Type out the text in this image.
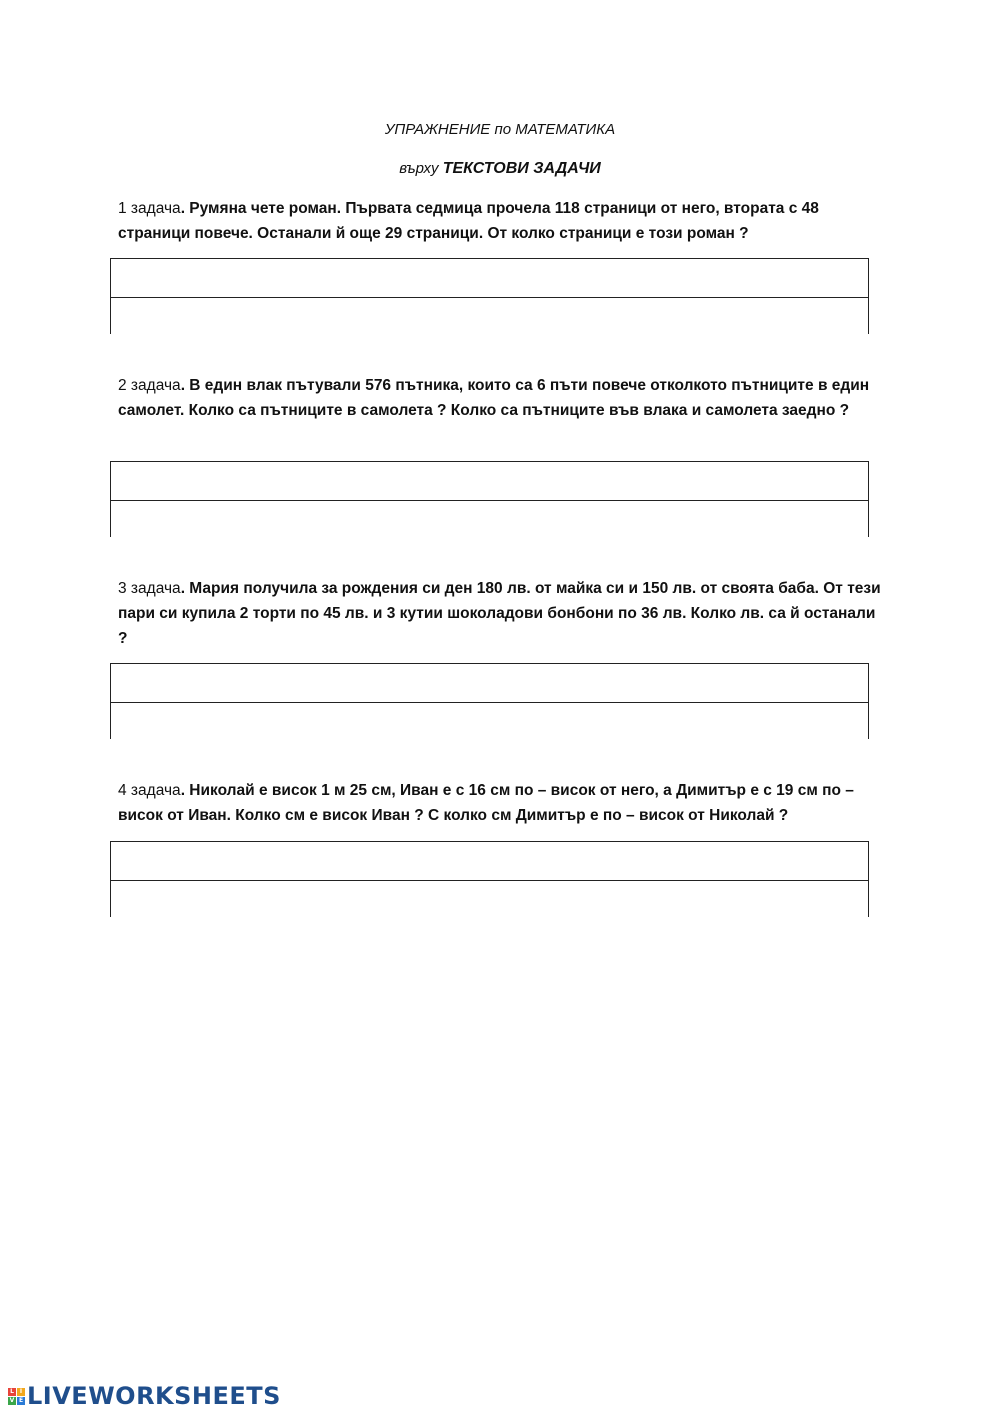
УПРАЖНЕНИЕ по МАТЕМАТИКА
върху ТЕКСТОВИ ЗАДАЧИ
1 задача. Румяна чете роман. Първата седмица прочела 118 страници от него, втората с 48 страници повече. Останали й още 29 страници. От колко страници е този роман ?
2 задача. В един влак пътували 576 пътника, които са 6 пъти повече отколкото пътниците в един самолет. Колко са пътниците в самолета ? Колко са пътниците във влака и самолета заедно ?
3 задача. Мария получила за рождения си ден 180 лв. от майка си и 150 лв. от своята баба. От тези пари си купила 2 торти по 45 лв. и 3 кутии шоколадови бонбони по 36 лв. Колко лв. са й останали ?
4 задача. Николай е висок 1 м 25 см, Иван е с 16 см по – висок от него, а Димитър е с 19 см по – висок от Иван. Колко см е висок Иван ? С колко см Димитър е по – висок от Николай ?
L I
V E LIVEWORKSHEETS
